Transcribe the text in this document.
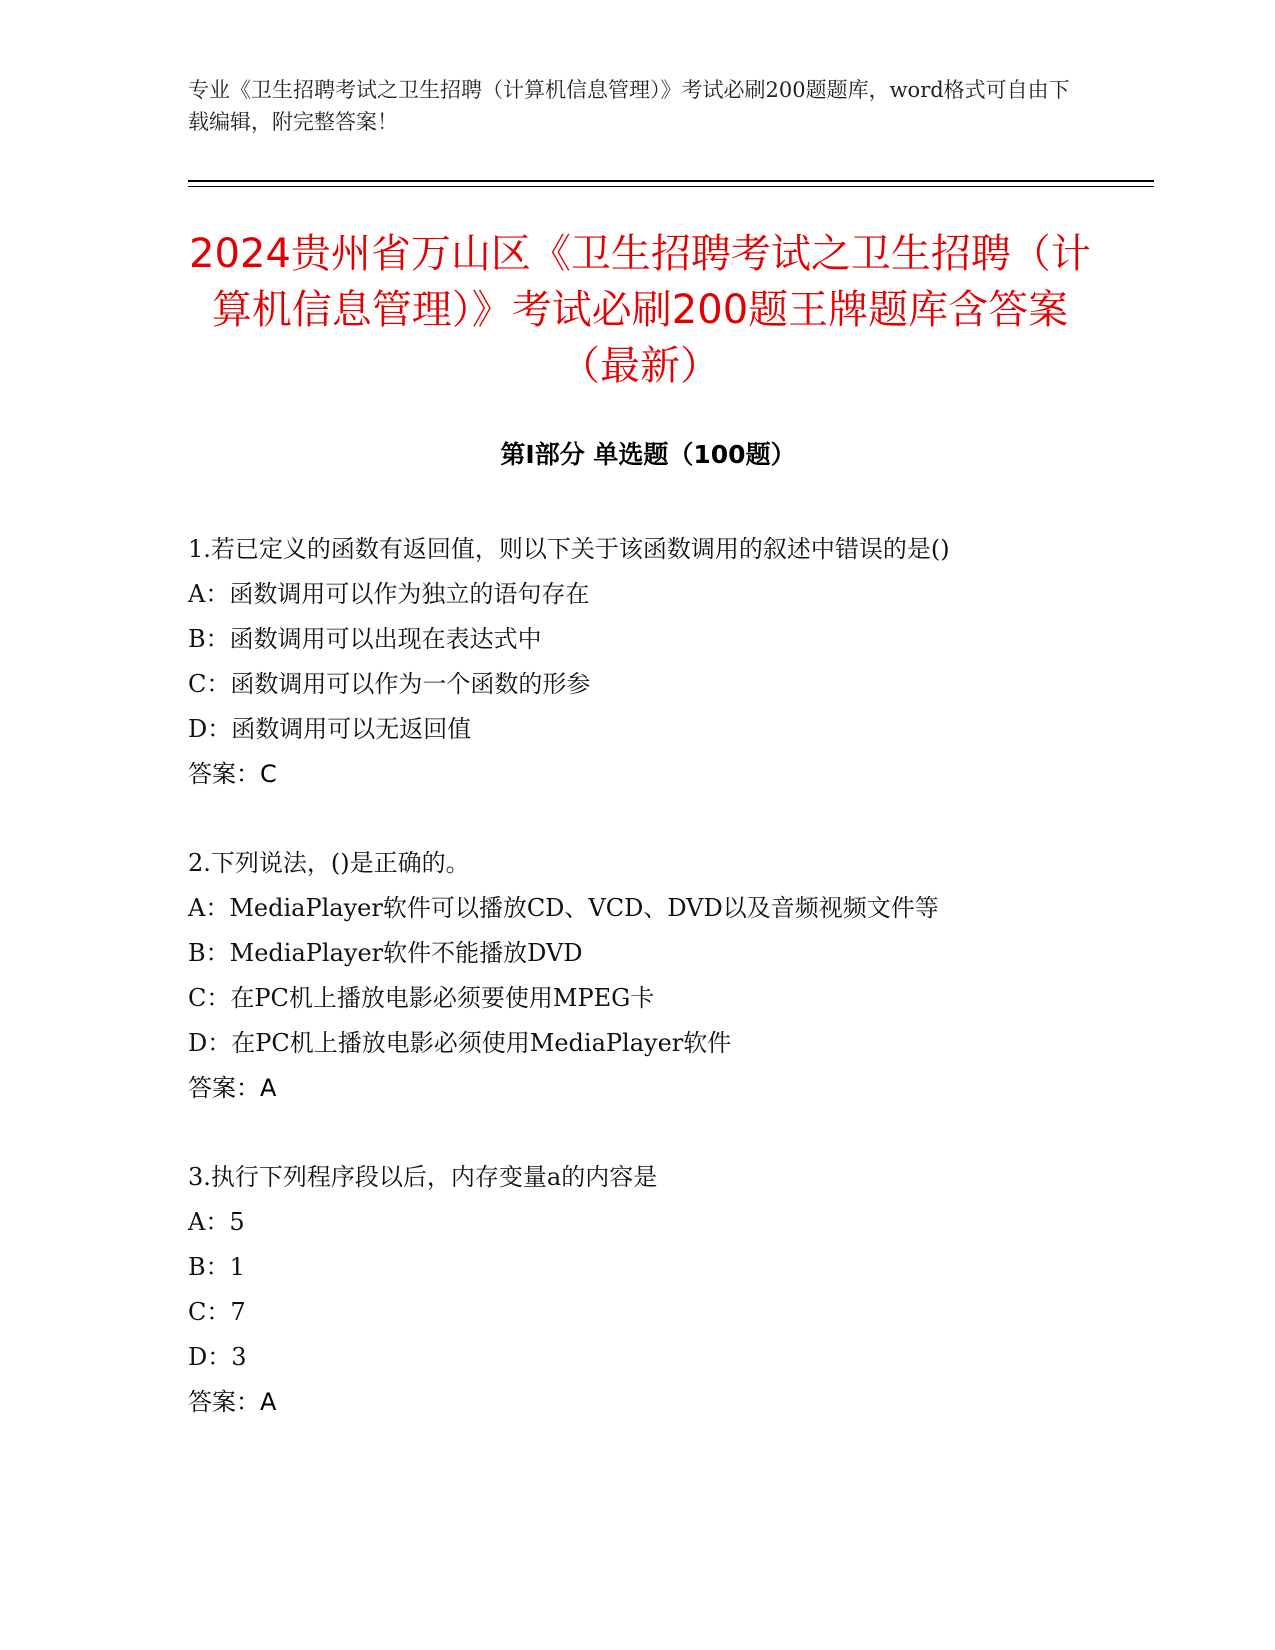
专业《卫生招聘考试之卫生招聘（计算机信息管理）》考试必刷200题题库，word格式可自由下载编辑，附完整答案！

2024贵州省万山区《卫生招聘考试之卫生招聘（计算机信息管理）》考试必刷200题王牌题库含答案（最新）
第Ⅰ部分 单选题（100题）

1.若已定义的函数有返回值，则以下关于该函数调用的叙述中错误的是()

A：函数调用可以作为独立的语句存在

B：函数调用可以出现在表达式中

C：函数调用可以作为一个函数的形参

D：函数调用可以无返回值

答案：C

2.下列说法，()是正确的。

A：MediaPlayer软件可以播放CD、VCD、DVD以及音频视频文件等

B：MediaPlayer软件不能播放DVD

C：在PC机上播放电影必须要使用MPEG卡

D：在PC机上播放电影必须使用MediaPlayer软件

答案：A

3.执行下列程序段以后，内存变量a的内容是

A：5

B：1

C：7

D：3

答案：A
